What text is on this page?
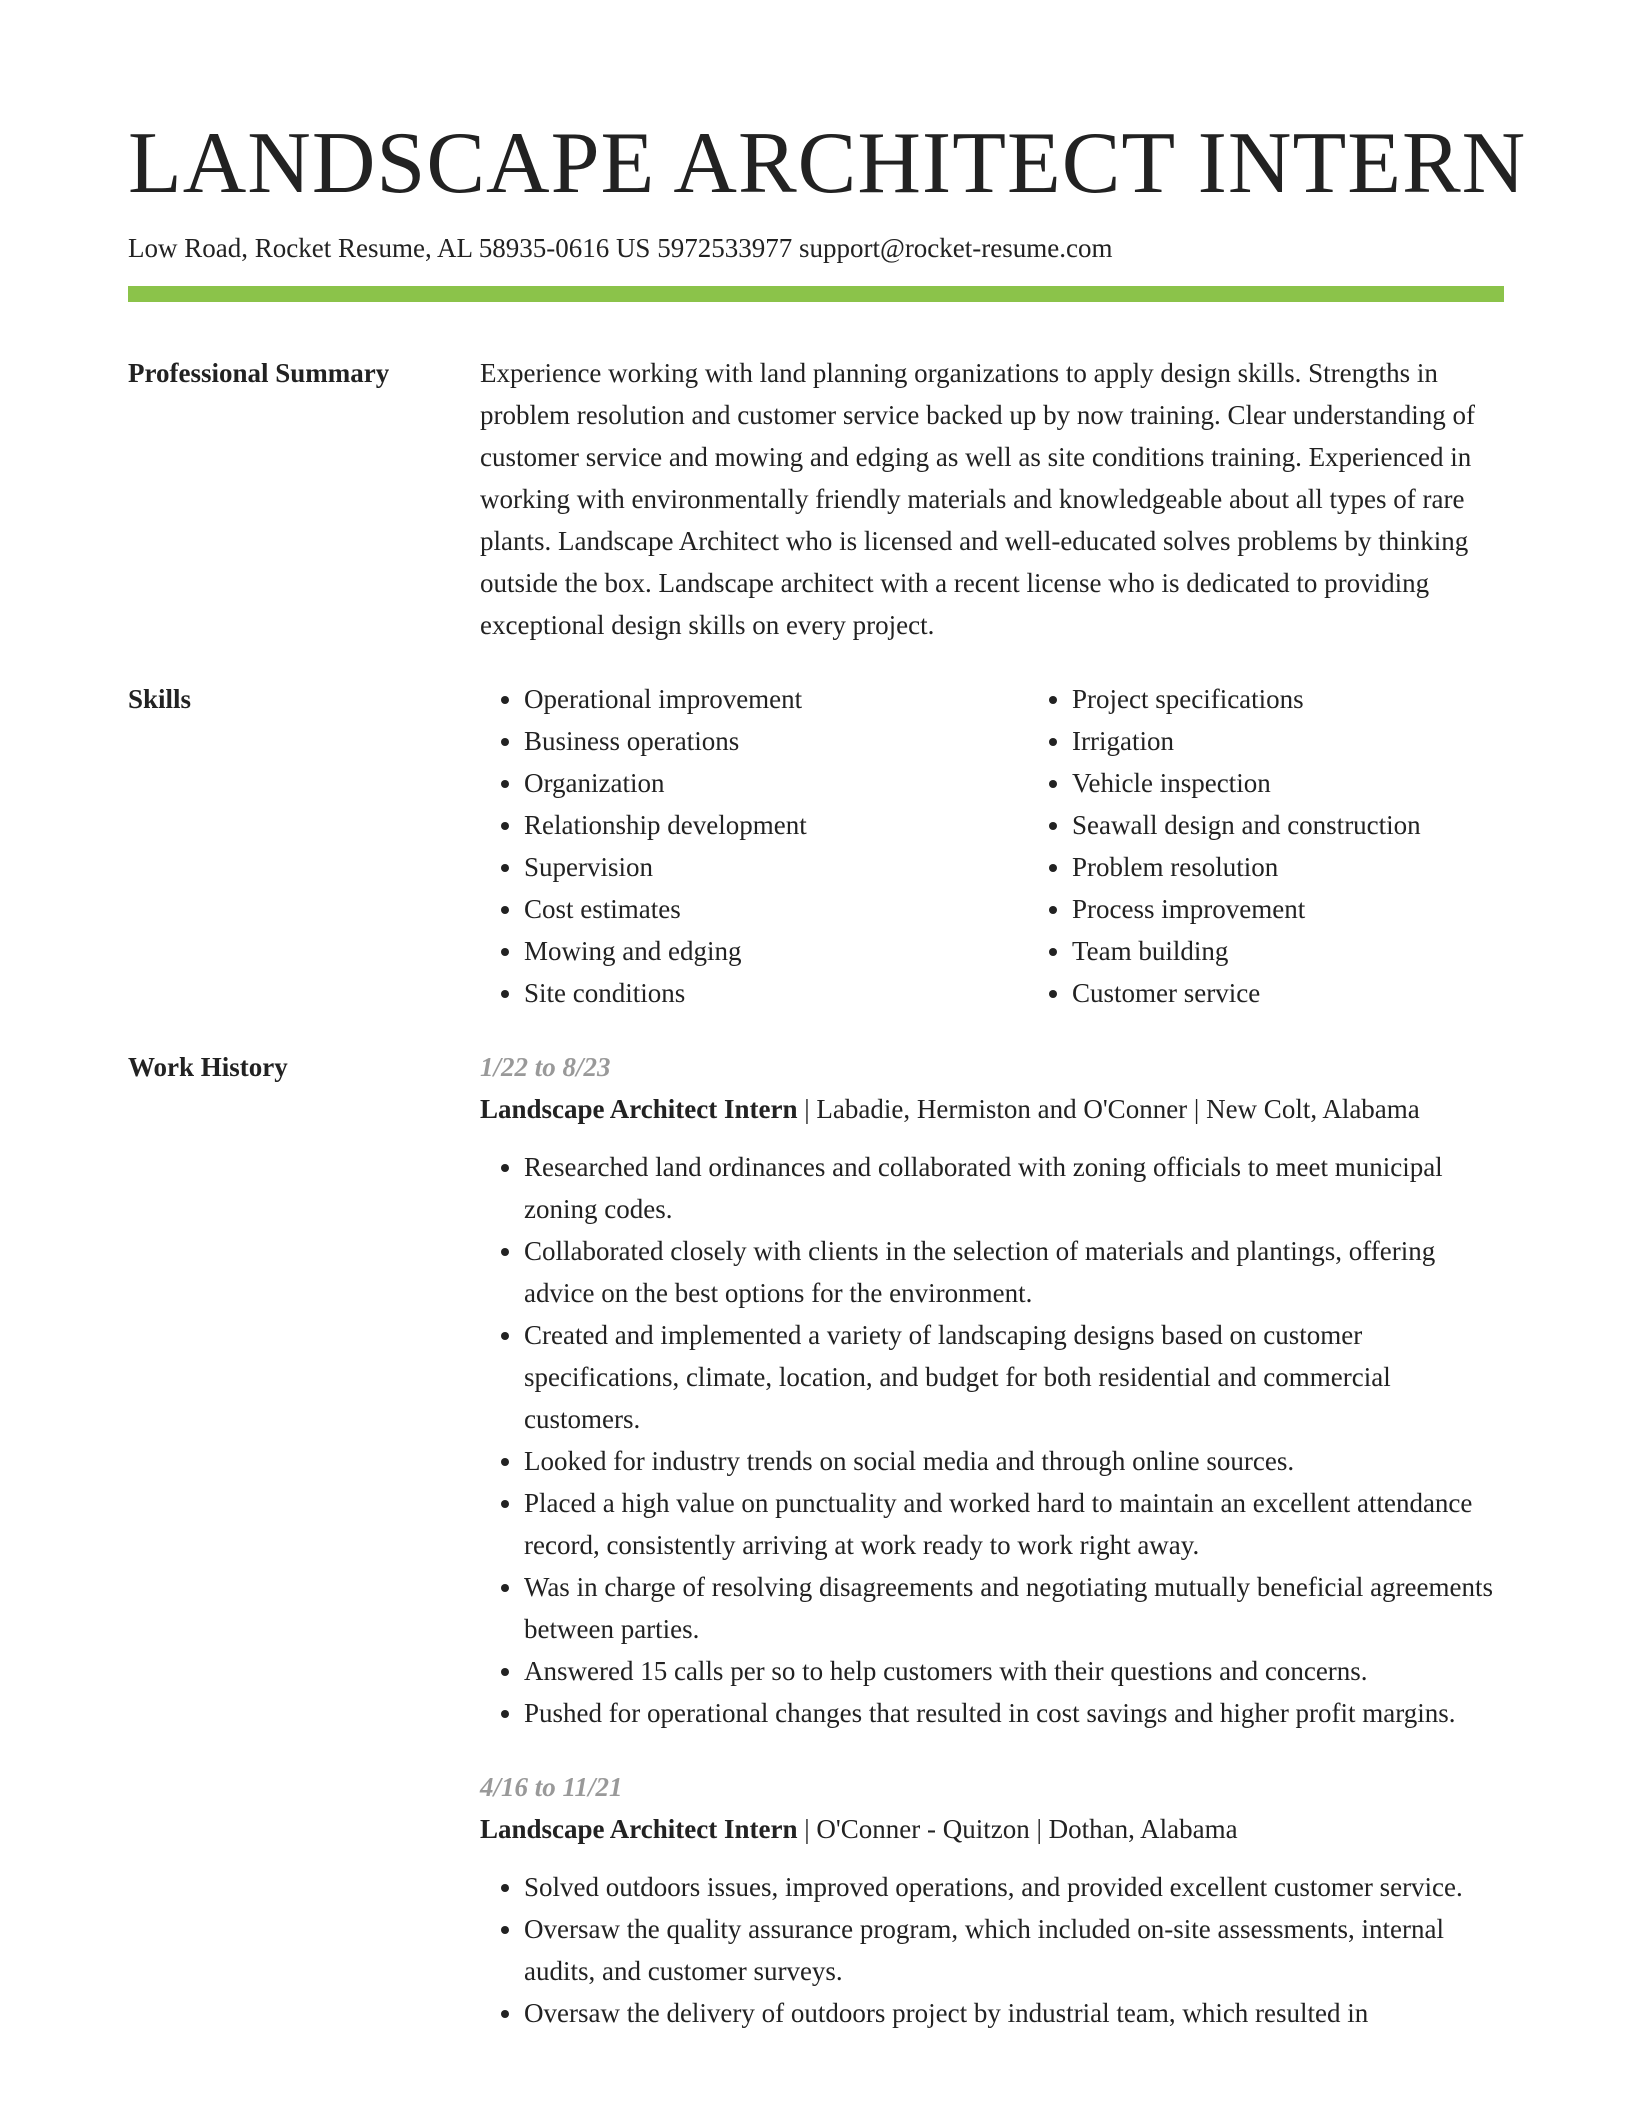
LANDSCAPE ARCHITECT INTERN
Low Road, Rocket Resume, AL 58935-0616 US 5972533977 support@rocket-resume.com
Professional Summary	Experience working with land planning organizations to apply design skills. Strengths in problem resolution and customer service backed up by now training. Clear understanding of customer service and mowing and edging as well as site conditions training. Experienced in working with environmentally friendly materials and knowledgeable about all types of rare plants. Landscape Architect who is licensed and well-educated solves problems by thinking outside the box. Landscape architect with a recent license who is dedicated to providing exceptional design skills on every project.
Skills
•	Operational improvement
• Business operations
• Organization
• Relationship development
• Supervision
• Cost estimates
• Mowing and edging
• Site conditions
• Project specifications
• Irrigation
• Vehicle inspection
• Seawall design and construction
• Problem resolution
• Process improvement
• Team building
• Customer service
Work History	1/22 to 8/23
Landscape Architect Intern | Labadie, Hermiston and O'Conner | New Colt, Alabama
• Researched land ordinances and collaborated with zoning officials to meet municipal zoning codes.
• Collaborated closely with clients in the selection of materials and plantings, offering advice on the best options for the environment.
• Created and implemented a variety of landscaping designs based on customer specifications, climate, location, and budget for both residential and commercial customers.
• Looked for industry trends on social media and through online sources.
• Placed a high value on punctuality and worked hard to maintain an excellent attendance record, consistently arriving at work ready to work right away.
• Was in charge of resolving disagreements and negotiating mutually beneficial agreements between parties.
• Answered 15 calls per so to help customers with their questions and concerns.
• Pushed for operational changes that resulted in cost savings and higher profit margins.
4/16 to 11/21
Landscape Architect Intern | O'Conner - Quitzon | Dothan, Alabama
• Solved outdoors issues, improved operations, and provided excellent customer service.
• Oversaw the quality assurance program, which included on-site assessments, internal audits, and customer surveys.
• Oversaw the delivery of outdoors project by industrial team, which resulted in
